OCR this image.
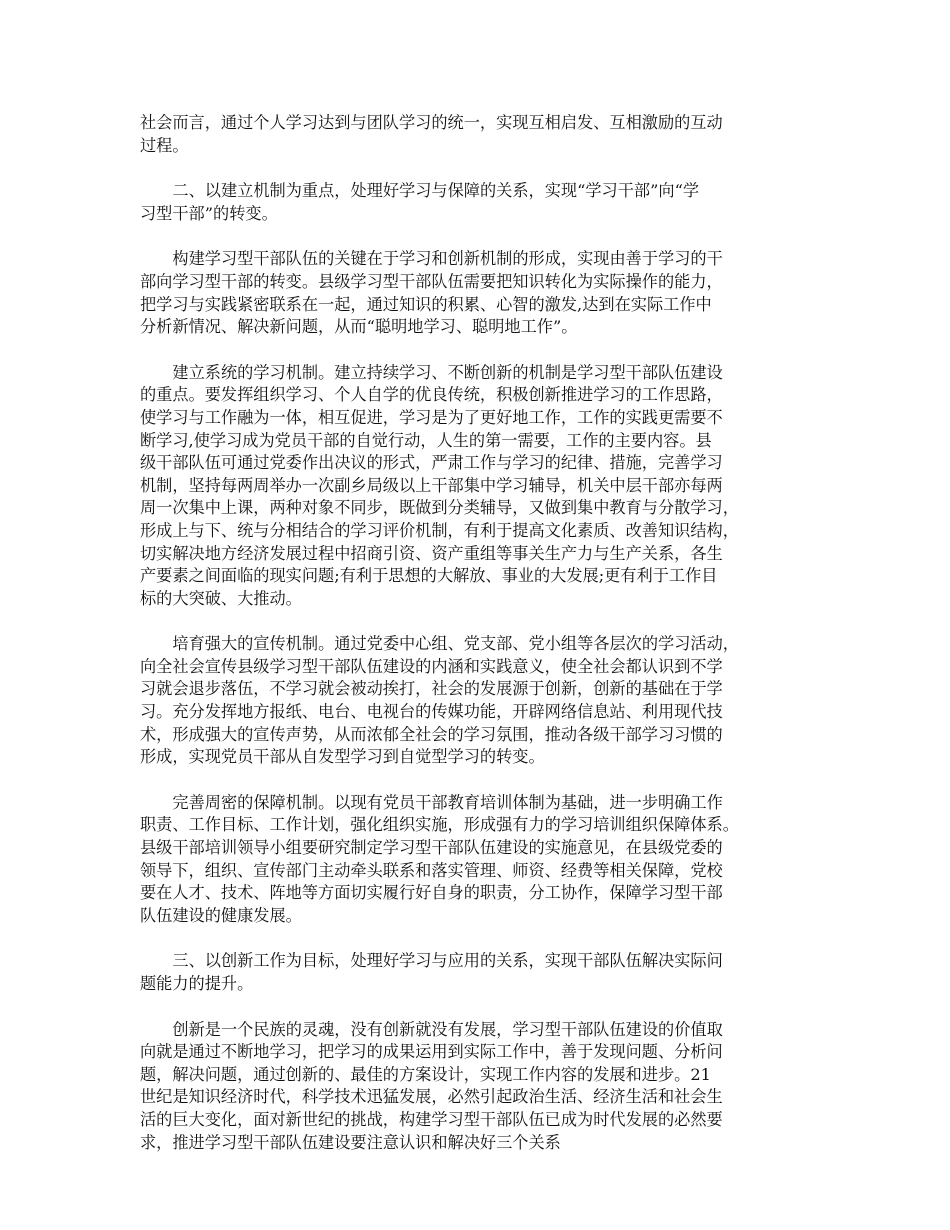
社会而言，通过个人学习达到与团队学习的统一，实现互相启发、互相激励的互动
过程。

二、以建立机制为重点，处理好学习与保障的关系，实现“学习干部”向“学
习型干部”的转变。

构建学习型干部队伍的关键在于学习和创新机制的形成，实现由善于学习的干
部向学习型干部的转变。县级学习型干部队伍需要把知识转化为实际操作的能力，
把学习与实践紧密联系在一起，通过知识的积累、心智的激发,达到在实际工作中
分析新情况、解决新问题，从而“聪明地学习、聪明地工作”。

建立系统的学习机制。建立持续学习、不断创新的机制是学习型干部队伍建设
的重点。要发挥组织学习、个人自学的优良传统，积极创新推进学习的工作思路，
使学习与工作融为一体，相互促进，学习是为了更好地工作，工作的实践更需要不
断学习,使学习成为党员干部的自觉行动，人生的第一需要，工作的主要内容。县
级干部队伍可通过党委作出决议的形式，严肃工作与学习的纪律、措施，完善学习
机制，坚持每两周举办一次副乡局级以上干部集中学习辅导，机关中层干部亦每两
周一次集中上课，两种对象不同步，既做到分类辅导，又做到集中教育与分散学习，
形成上与下、统与分相结合的学习评价机制，有利于提高文化素质、改善知识结构，
切实解决地方经济发展过程中招商引资、资产重组等事关生产力与生产关系，各生
产要素之间面临的现实问题;有利于思想的大解放、事业的大发展;更有利于工作目
标的大突破、大推动。

培育强大的宣传机制。通过党委中心组、党支部、党小组等各层次的学习活动，
向全社会宣传县级学习型干部队伍建设的内涵和实践意义，使全社会都认识到不学
习就会退步落伍，不学习就会被动挨打，社会的发展源于创新，创新的基础在于学
习。充分发挥地方报纸、电台、电视台的传媒功能，开辟网络信息站、利用现代技
术，形成强大的宣传声势，从而浓郁全社会的学习氛围，推动各级干部学习习惯的
形成，实现党员干部从自发型学习到自觉型学习的转变。

完善周密的保障机制。以现有党员干部教育培训体制为基础，进一步明确工作
职责、工作目标、工作计划，强化组织实施，形成强有力的学习培训组织保障体系。
县级干部培训领导小组要研究制定学习型干部队伍建设的实施意见，在县级党委的
领导下，组织、宣传部门主动牵头联系和落实管理、师资、经费等相关保障，党校
要在人才、技术、阵地等方面切实履行好自身的职责，分工协作，保障学习型干部
队伍建设的健康发展。

三、以创新工作为目标，处理好学习与应用的关系，实现干部队伍解决实际问
题能力的提升。

创新是一个民族的灵魂，没有创新就没有发展，学习型干部队伍建设的价值取
向就是通过不断地学习，把学习的成果运用到实际工作中，善于发现问题、分析问
题，解决问题，通过创新的、最佳的方案设计，实现工作内容的发展和进步。21
世纪是知识经济时代，科学技术迅猛发展，必然引起政治生活、经济生活和社会生
活的巨大变化，面对新世纪的挑战，构建学习型干部队伍已成为时代发展的必然要
求，推进学习型干部队伍建设要注意认识和解决好三个关系
